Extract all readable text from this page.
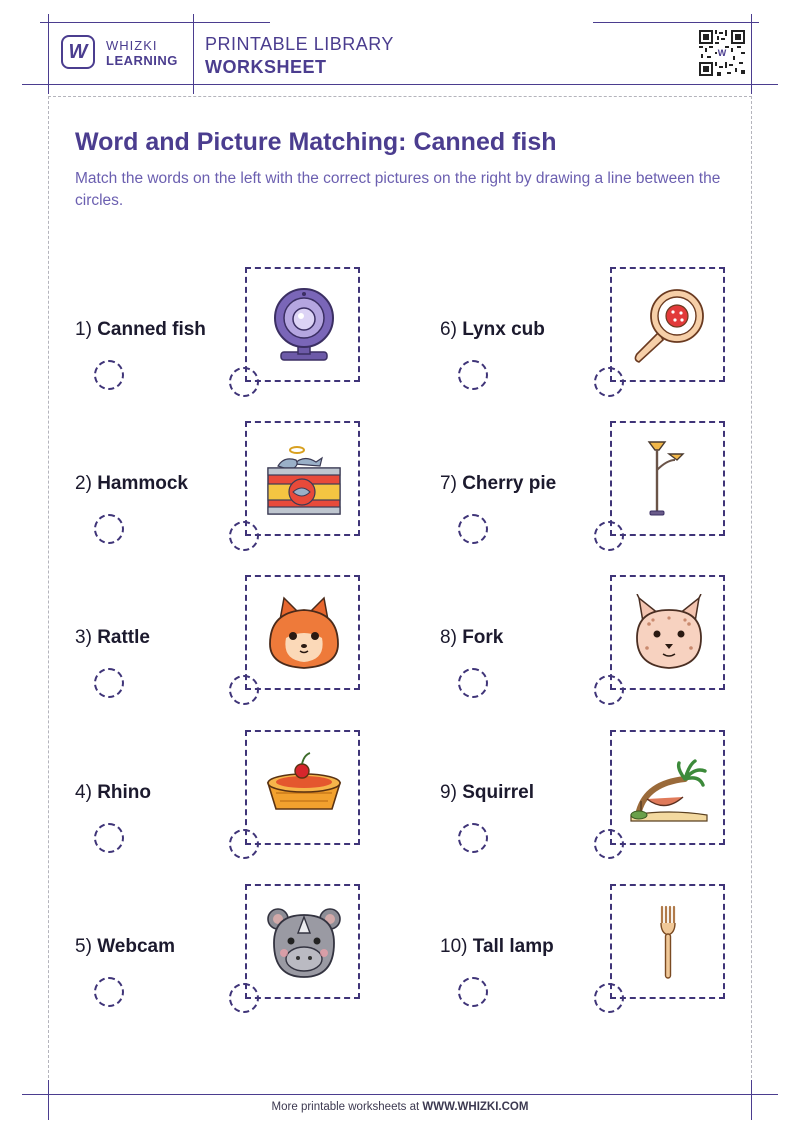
W WHIZKI
LEARNING
PRINTABLE LIBRARY
WORKSHEET
W
Word and Picture Matching: Canned fish

Match the words on the left with the correct pictures on the right by drawing a line between the circles.

1) Canned fish
2) Hammock
3) Rattle
4) Rhino
5) Webcam
6) Lynx cub
7) Cherry pie
8) Fork
9) Squirrel
10) Tall lamp
More printable worksheets at WWW.WHIZKI.COM
